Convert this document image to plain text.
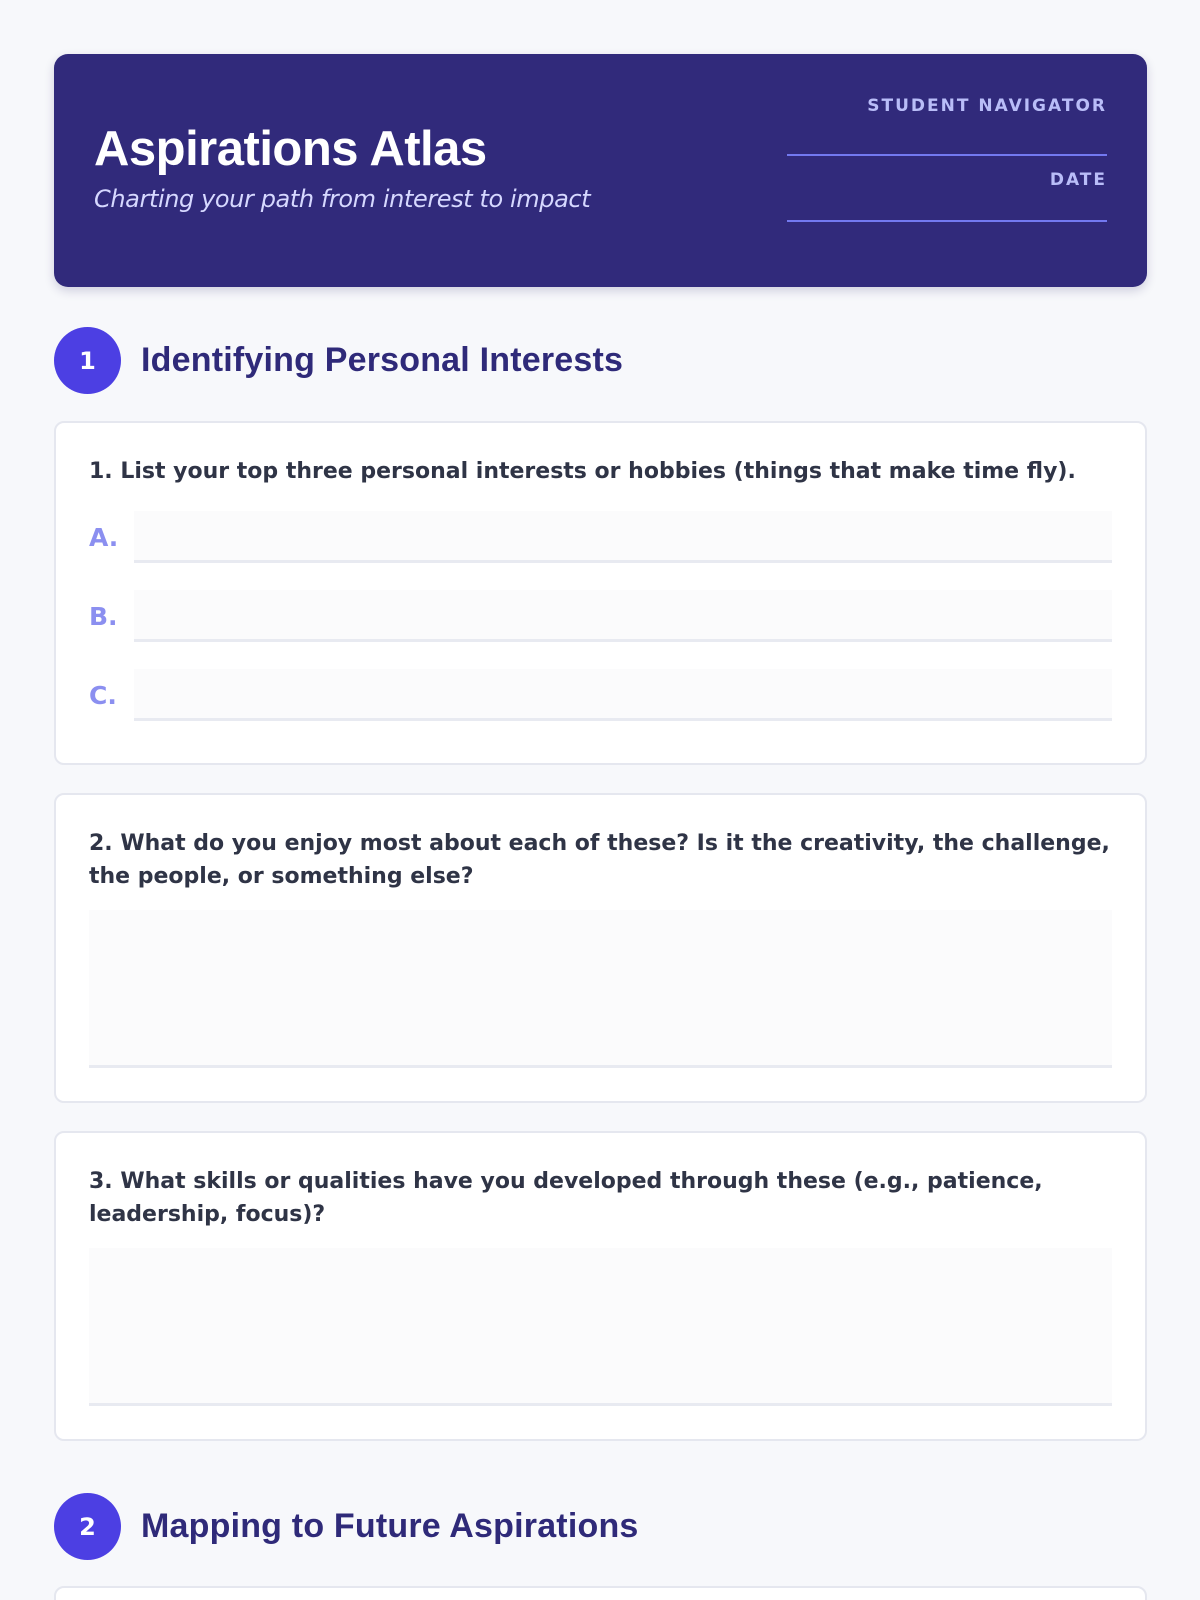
Aspirations Atlas
Charting your path from interest to impact
STUDENT NAVIGATOR
DATE
1	Identifying Personal Interests
1. List your top three personal interests or hobbies (things that make time fly).
A.
B.
C.
2. What do you enjoy most about each of these? Is it the creativity, the challenge, the people, or something else?
3. What skills or qualities have you developed through these (e.g., patience, leadership, focus)?
2	Mapping to Future Aspirations
